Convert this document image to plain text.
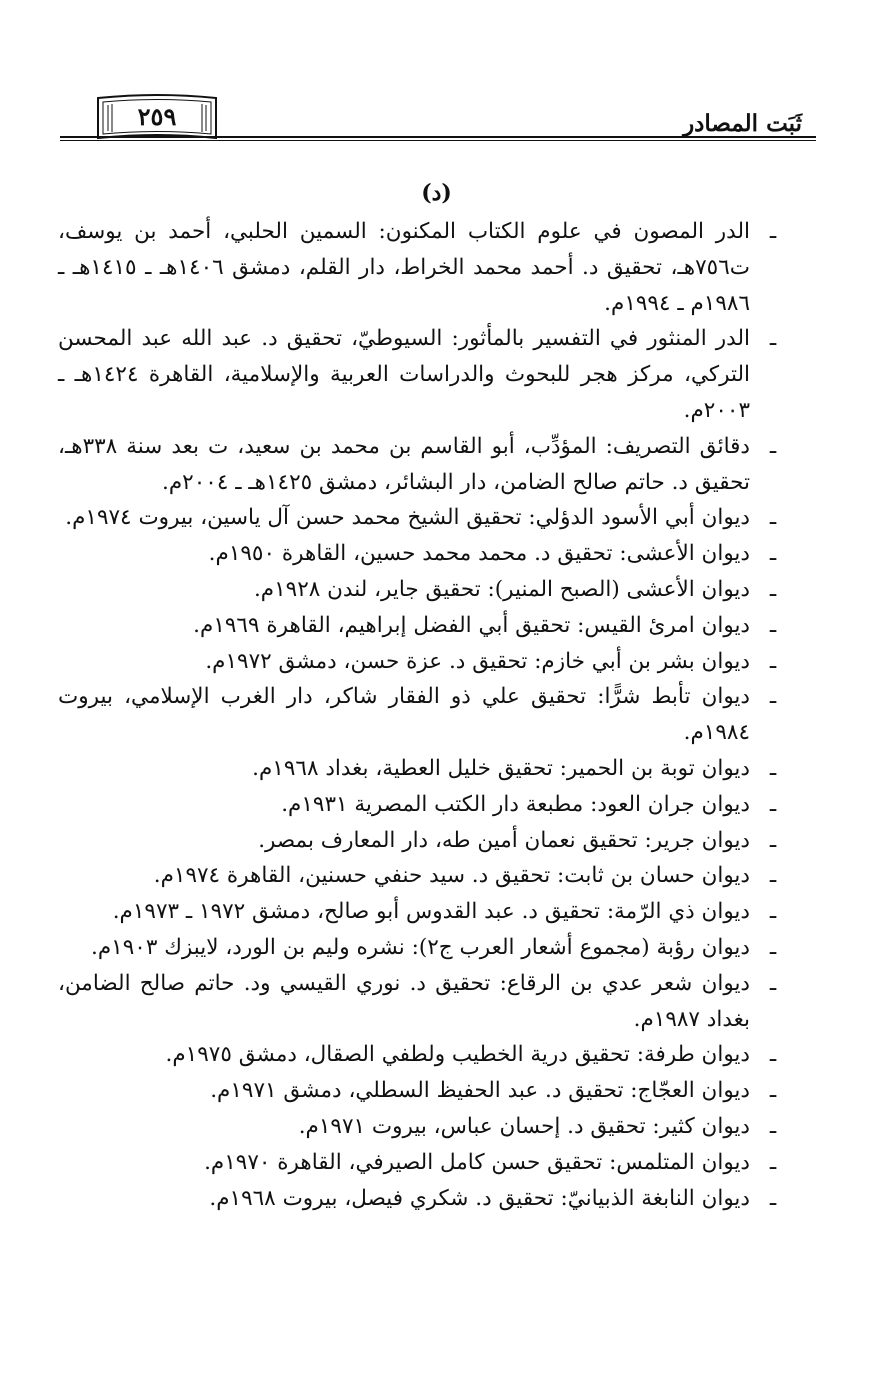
ثَبَت المصادر
٢٥٩
(د)
ـ
الدر المصون في علوم الكتاب المكنون: السمين الحلبي، أحمد بن يوسف، ت٧٥٦هـ، تحقيق د. أحمد محمد الخراط، دار القلم، دمشق ١٤٠٦هـ ـ ١٤١٥هـ ـ ١٩٨٦م ـ ١٩٩٤م.
ـ
الدر المنثور في التفسير بالمأثور: السيوطيّ، تحقيق د. عبد الله عبد المحسن التركي، مركز هجر للبحوث والدراسات العربية والإسلامية، القاهرة ١٤٢٤هـ ـ ٢٠٠٣م.
ـ
دقائق التصريف: المؤدِّب، أبو القاسم بن محمد بن سعيد، ت بعد سنة ٣٣٨هـ، تحقيق د. حاتم صالح الضامن، دار البشائر، دمشق ١٤٢٥هـ ـ ٢٠٠٤م.
ـ
ديوان أبي الأسود الدؤلي: تحقيق الشيخ محمد حسن آل ياسين، بيروت ١٩٧٤م.
ـ
ديوان الأعشى: تحقيق د. محمد محمد حسين، القاهرة ١٩٥٠م.
ـ
ديوان الأعشى (الصبح المنير): تحقيق جاير، لندن ١٩٢٨م.
ـ
ديوان امرئ القيس: تحقيق أبي الفضل إبراهيم، القاهرة ١٩٦٩م.
ـ
ديوان بشر بن أبي خازم: تحقيق د. عزة حسن، دمشق ١٩٧٢م.
ـ
ديوان تأبط شرًّا: تحقيق علي ذو الفقار شاكر، دار الغرب الإسلامي، بيروت ١٩٨٤م.
ـ
ديوان توبة بن الحمير: تحقيق خليل العطية، بغداد ١٩٦٨م.
ـ
ديوان جران العود: مطبعة دار الكتب المصرية ١٩٣١م.
ـ
ديوان جرير: تحقيق نعمان أمين طه، دار المعارف بمصر.
ـ
ديوان حسان بن ثابت: تحقيق د. سيد حنفي حسنين، القاهرة ١٩٧٤م.
ـ
ديوان ذي الرّمة: تحقيق د. عبد القدوس أبو صالح، دمشق ١٩٧٢ ـ ١٩٧٣م.
ـ
ديوان رؤبة (مجموع أشعار العرب ج٢): نشره وليم بن الورد، لايبزك ١٩٠٣م.
ـ
ديوان شعر عدي بن الرقاع: تحقيق د. نوري القيسي ود. حاتم صالح الضامن، بغداد ١٩٨٧م.
ـ
ديوان طرفة: تحقيق درية الخطيب ولطفي الصقال، دمشق ١٩٧٥م.
ـ
ديوان العجّاج: تحقيق د. عبد الحفيظ السطلي، دمشق ١٩٧١م.
ـ
ديوان كثير: تحقيق د. إحسان عباس، بيروت ١٩٧١م.
ـ
ديوان المتلمس: تحقيق حسن كامل الصيرفي، القاهرة ١٩٧٠م.
ـ
ديوان النابغة الذبيانيّ: تحقيق د. شكري فيصل، بيروت ١٩٦٨م.
